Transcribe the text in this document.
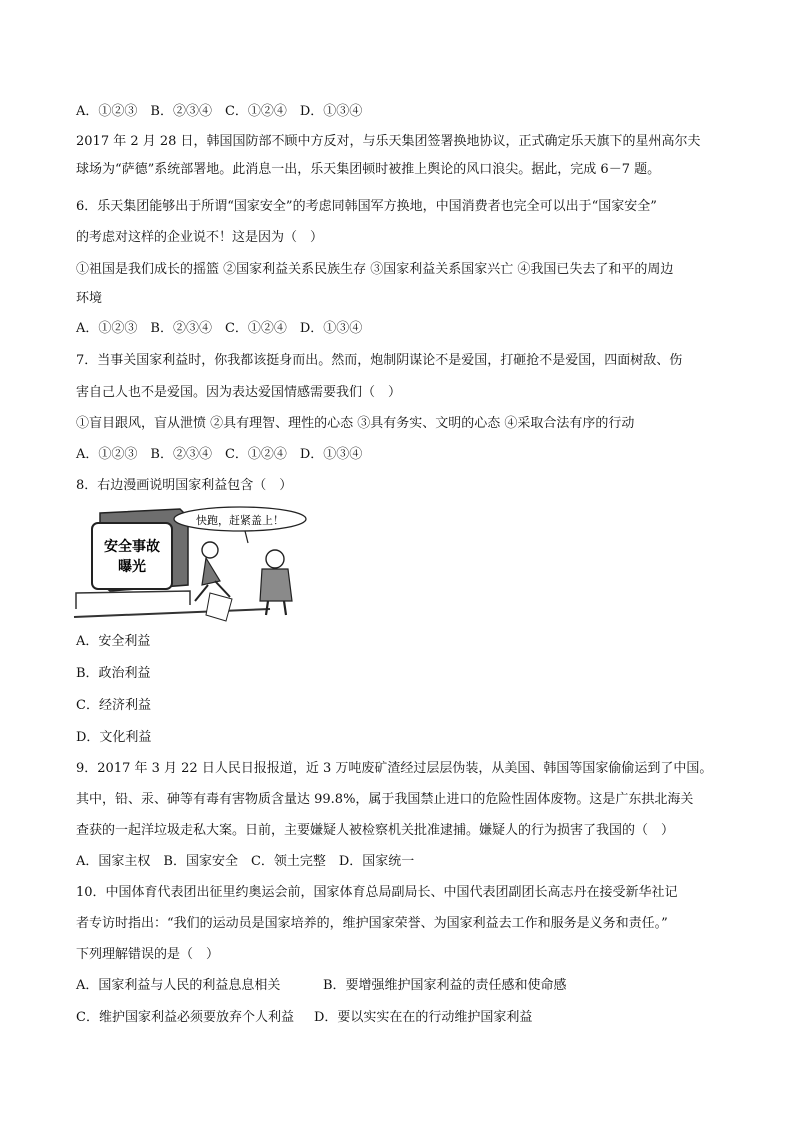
A．①②③　B．②③④　C．①②④　D．①③④
2017 年 2 月 28 日，韩国国防部不顾中方反对，与乐天集团签署换地协议，正式确定乐天旗下的星州高尔夫
球场为“萨德”系统部署地。此消息一出，乐天集团顿时被推上舆论的风口浪尖。据此，完成 6－7 题。
6．乐天集团能够出于所谓“国家安全”的考虑同韩国军方换地，中国消费者也完全可以出于“国家安全”
的考虑对这样的企业说不！这是因为（　）
①祖国是我们成长的摇篮 ②国家利益关系民族生存 ③国家利益关系国家兴亡 ④我国已失去了和平的周边
环境
A．①②③　B．②③④　C．①②④　D．①③④
7．当事关国家利益时，你我都该挺身而出。然而，炮制阴谋论不是爱国，打砸抢不是爱国，四面树敌、伤
害自己人也不是爱国。因为表达爱国情感需要我们（　）
①盲目跟风，盲从泄愤 ②具有理智、理性的心态 ③具有务实、文明的心态 ④采取合法有序的行动
A．①②③　B．②③④　C．①②④　D．①③④
8．右边漫画说明国家利益包含（　）
安全事故
曝光
快跑，赶紧盖上！
A．安全利益
B．政治利益
C．经济利益
D．文化利益
9．2017 年 3 月 22 日人民日报报道，近 3 万吨废矿渣经过层层伪装，从美国、韩国等国家偷偷运到了中国。
其中，铅、汞、砷等有毒有害物质含量达 99.8%，属于我国禁止进口的危险性固体废物。这是广东拱北海关
查获的一起洋垃圾走私大案。日前，主要嫌疑人被检察机关批准逮捕。嫌疑人的行为损害了我国的（　）
A．国家主权　B．国家安全　C．领土完整　D．国家统一
10．中国体育代表团出征里约奥运会前，国家体育总局副局长、中国代表团副团长高志丹在接受新华社记
者专访时指出：“我们的运动员是国家培养的，维护国家荣誉、为国家利益去工作和服务是义务和责任。”
下列理解错误的是（　）
A．国家利益与人民的利益息息相关	B．要增强维护国家利益的责任感和使命感
C．维护国家利益必须要放弃个人利益 D．要以实实在在的行动维护国家利益
